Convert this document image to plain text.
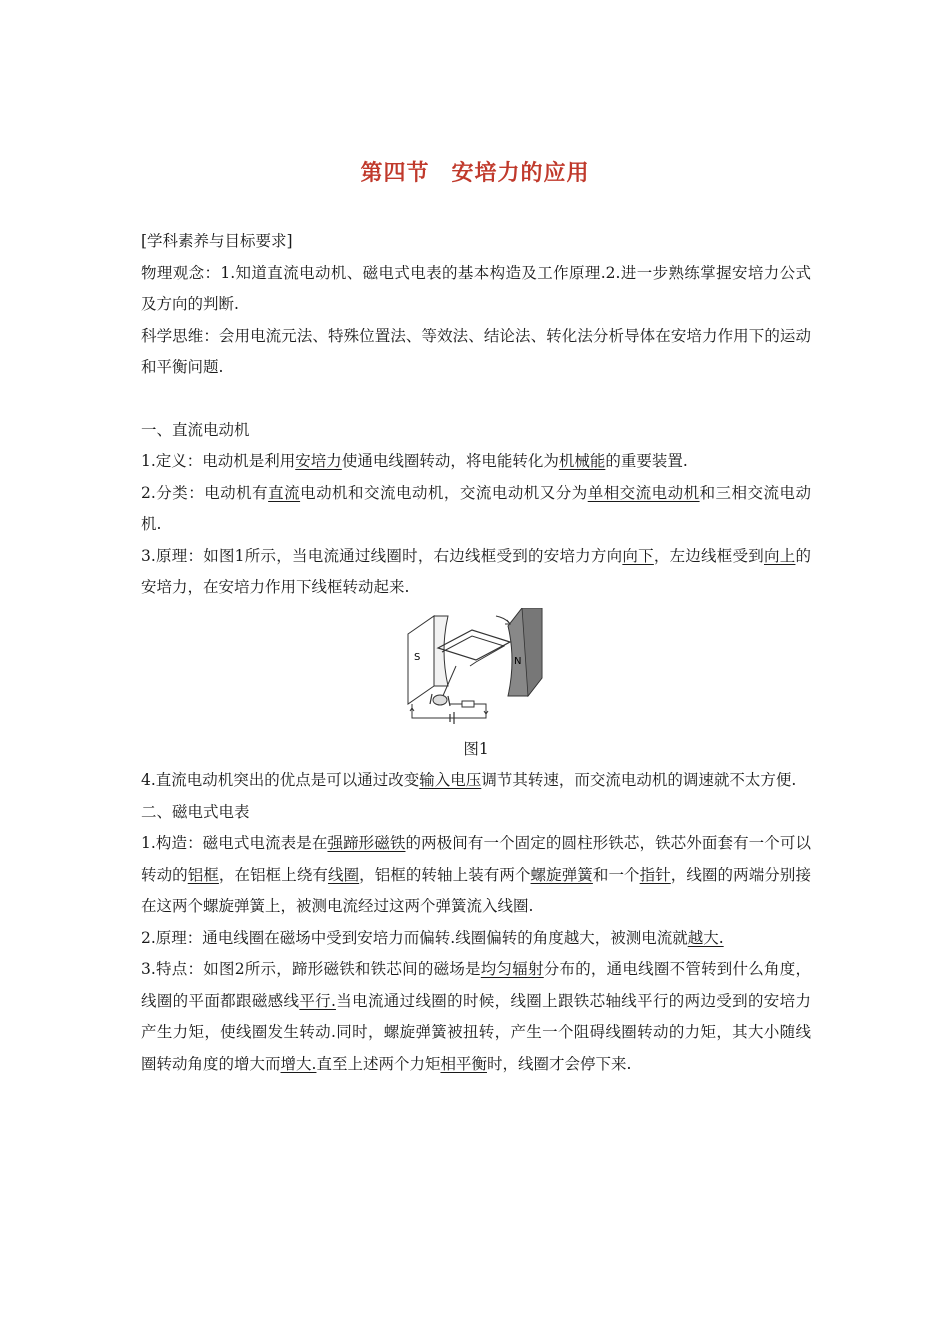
第四节 安培力的应用

[学科素养与目标要求]

物理观念：1.知道直流电动机、磁电式电表的基本构造及工作原理.2.进一步熟练掌握安培力公式及方向的判断.

科学思维：会用电流元法、特殊位置法、等效法、结论法、转化法分析导体在安培力作用下的运动和平衡问题.

一、直流电动机

1.定义：电动机是利用安培力使通电线圈转动，将电能转化为机械能的重要装置.

2.分类：电动机有直流电动机和交流电动机，交流电动机又分为单相交流电动机和三相交流电动机.

3.原理：如图1所示，当电流通过线圈时，右边线框受到的安培力方向向下，左边线框受到向上的安培力，在安培力作用下线框转动起来.

S	N

图1

4.直流电动机突出的优点是可以通过改变输入电压调节其转速，而交流电动机的调速就不太方便.

二、磁电式电表

1.构造：磁电式电流表是在强蹄形磁铁的两极间有一个固定的圆柱形铁芯，铁芯外面套有一个可以转动的铝框，在铝框上绕有线圈，铝框的转轴上装有两个螺旋弹簧和一个指针，线圈的两端分别接在这两个螺旋弹簧上，被测电流经过这两个弹簧流入线圈.

2.原理：通电线圈在磁场中受到安培力而偏转.线圈偏转的角度越大，被测电流就越大.

3.特点：如图2所示，蹄形磁铁和铁芯间的磁场是均匀辐射分布的，通电线圈不管转到什么角度，线圈的平面都跟磁感线平行.当电流通过线圈的时候，线圈上跟铁芯轴线平行的两边受到的安培力产生力矩，使线圈发生转动.同时，螺旋弹簧被扭转，产生一个阻碍线圈转动的力矩，其大小随线圈转动角度的增大而增大.直至上述两个力矩相平衡时，线圈才会停下来.
